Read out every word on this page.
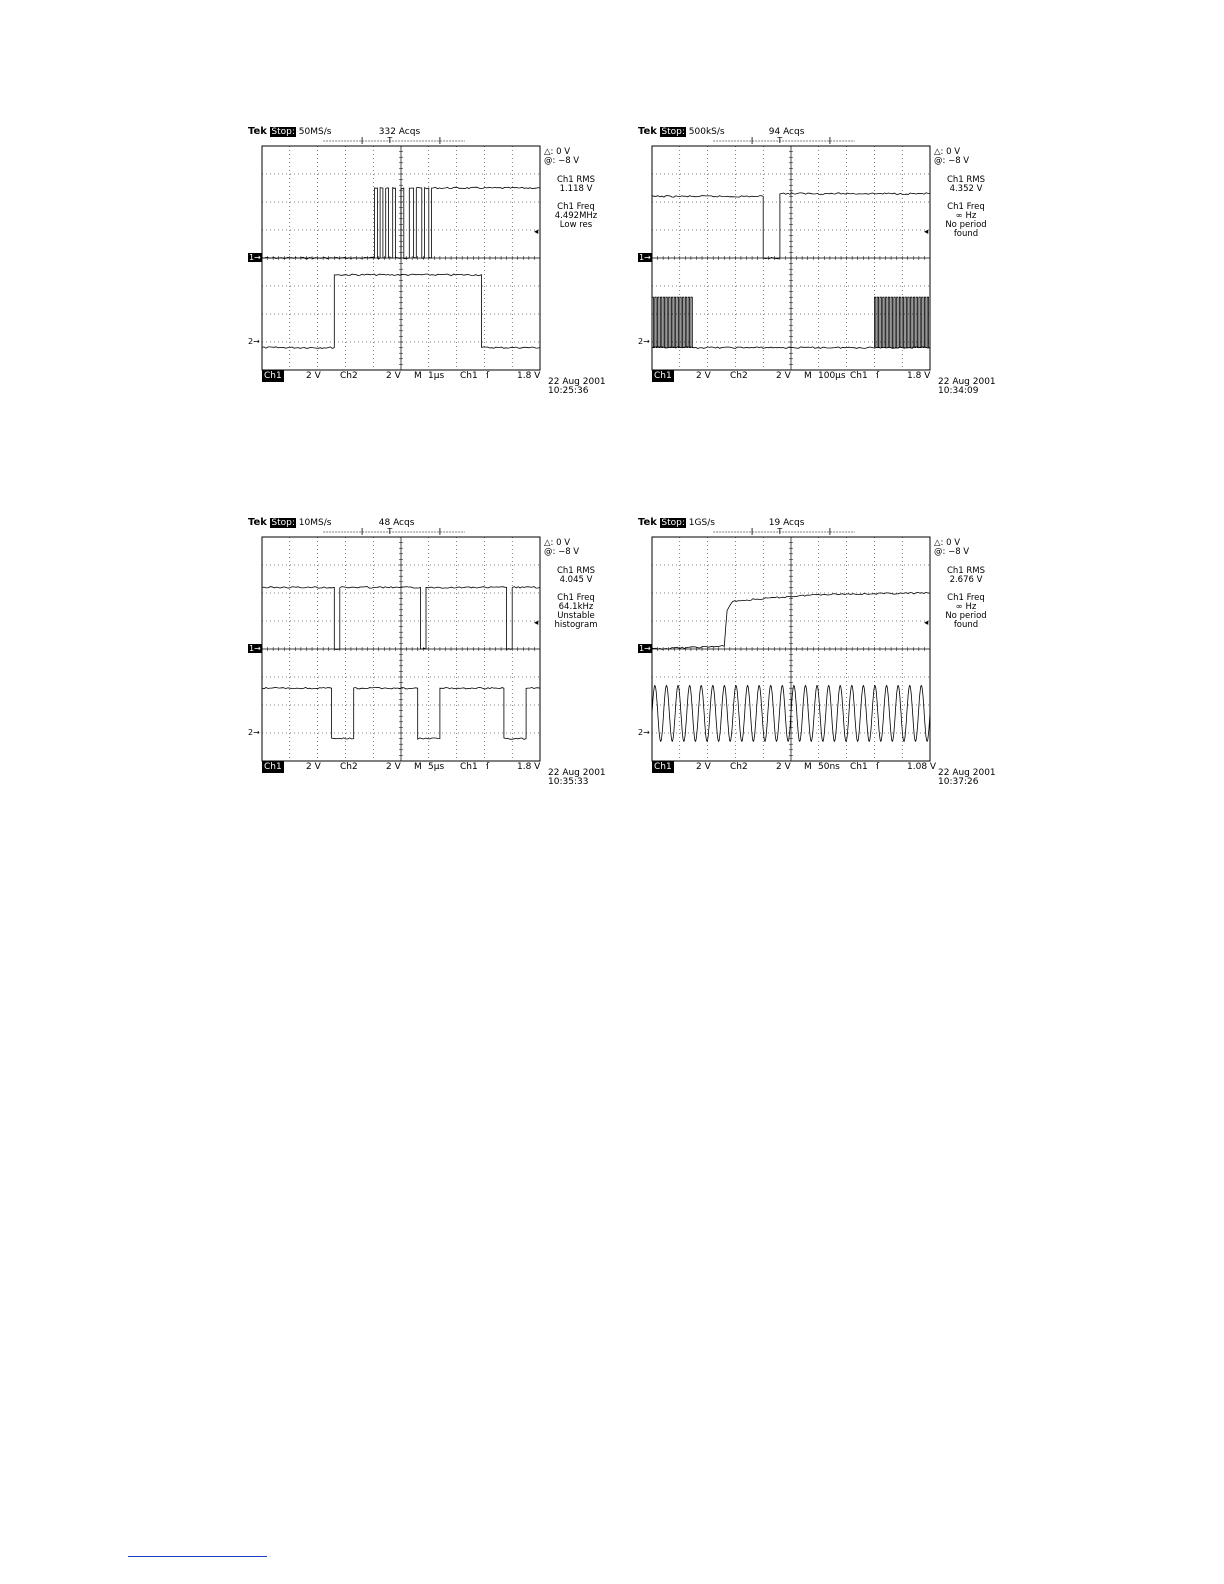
Tek Stop: 50MS/s	332 Acqs
T
1→
2→
△: 0 V
@: −8 V
Ch1 RMS
1.118 V
Ch1 Freq
4.492MHz
Low res
◂
Ch1	2 V Ch2	2 V M 1µs Ch1 ſ	1.8 V
22 Aug 2001
10:25:36
Tek Stop: 500kS/s	94 Acqs
T
1→
2→
△: 0 V
@: −8 V
Ch1 RMS
4.352 V
Ch1 Freq
∞ Hz
No period
found
◂
Ch1	2 V Ch2	2 V M 100µs Ch1 ſ	1.8 V
22 Aug 2001
10:34:09
Tek Stop: 10MS/s	48 Acqs
T
1→
2→
△: 0 V
@: −8 V
Ch1 RMS
4.045 V
Ch1 Freq
64.1kHz
Unstable
histogram
◂
Ch1	2 V Ch2	2 V M 5µs Ch1 ſ	1.8 V
22 Aug 2001
10:35:33
Tek Stop: 1GS/s	19 Acqs
T
1→
2→
△: 0 V
@: −8 V
Ch1 RMS
2.676 V
Ch1 Freq
∞ Hz
No period
found
◂
Ch1	2 V Ch2	2 V M 50ns Ch1 ſ	1.08 V
22 Aug 2001
10:37:26
